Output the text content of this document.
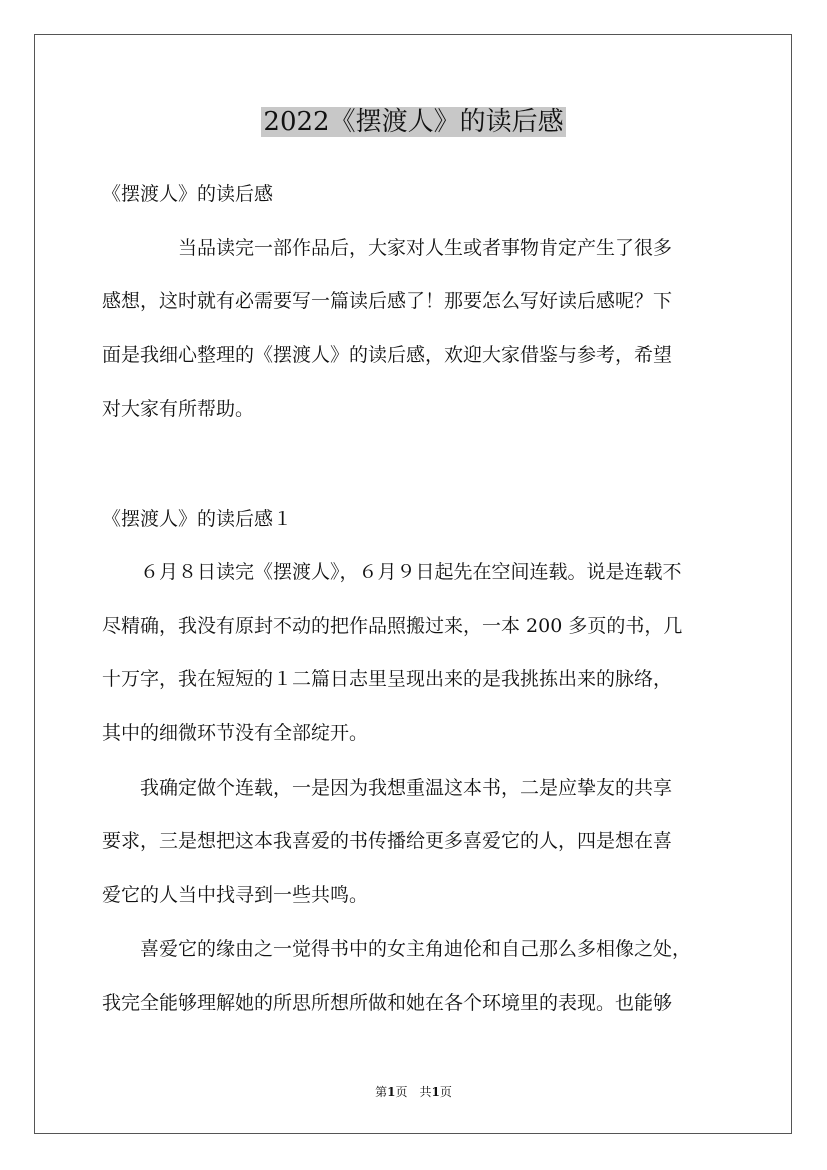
2022《摆渡人》的读后感
《摆渡人》的读后感
　　　　当品读完一部作品后，大家对人生或者事物肯定产生了很多
感想，这时就有必需要写一篇读后感了！那要怎么写好读后感呢？下
面是我细心整理的《摆渡人》的读后感，欢迎大家借鉴与参考，希望
对大家有所帮助。
《摆渡人》的读后感１
　　６月８日读完《摆渡人》，６月９日起先在空间连载。说是连载不
尽精确，我没有原封不动的把作品照搬过来，一本 200 多页的书，几
十万字，我在短短的１二篇日志里呈现出来的是我挑拣出来的脉络，
其中的细微环节没有全部绽开。
　　我确定做个连载，一是因为我想重温这本书，二是应挚友的共享
要求，三是想把这本我喜爱的书传播给更多喜爱它的人，四是想在喜
爱它的人当中找寻到一些共鸣。
　　喜爱它的缘由之一觉得书中的女主角迪伦和自己那么多相像之处，
我完全能够理解她的所思所想所做和她在各个环境里的表现。也能够
第1页　共1页
